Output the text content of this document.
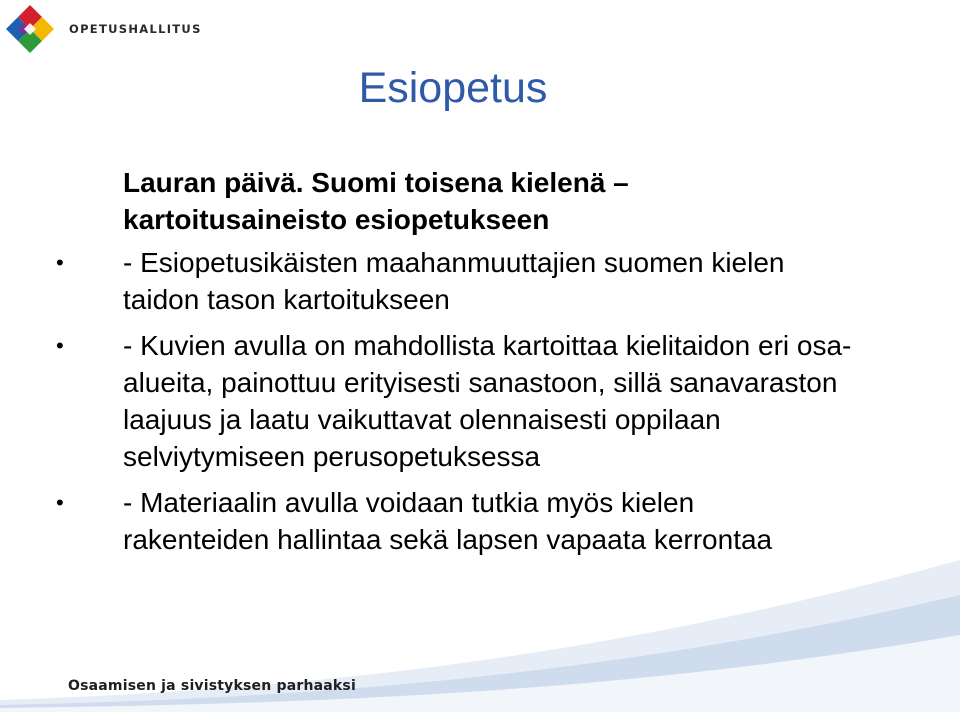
OPETUSHALLITUS
Esiopetus
Lauran päivä. Suomi toisena kielenä – kartoitusaineisto esiopetukseen
• - Esiopetusikäisten maahanmuuttajien suomen kielen taidon tason kartoitukseen
• - Kuvien avulla on mahdollista kartoittaa kielitaidon eri osa-alueita, painottuu erityisesti sanastoon, sillä sanavaraston laajuus ja laatu vaikuttavat olennaisesti oppilaan selviytymiseen perusopetuksessa
• - Materiaalin avulla voidaan tutkia myös kielen rakenteiden hallintaa sekä lapsen vapaata kerrontaa
Osaamisen ja sivistyksen parhaaksi
